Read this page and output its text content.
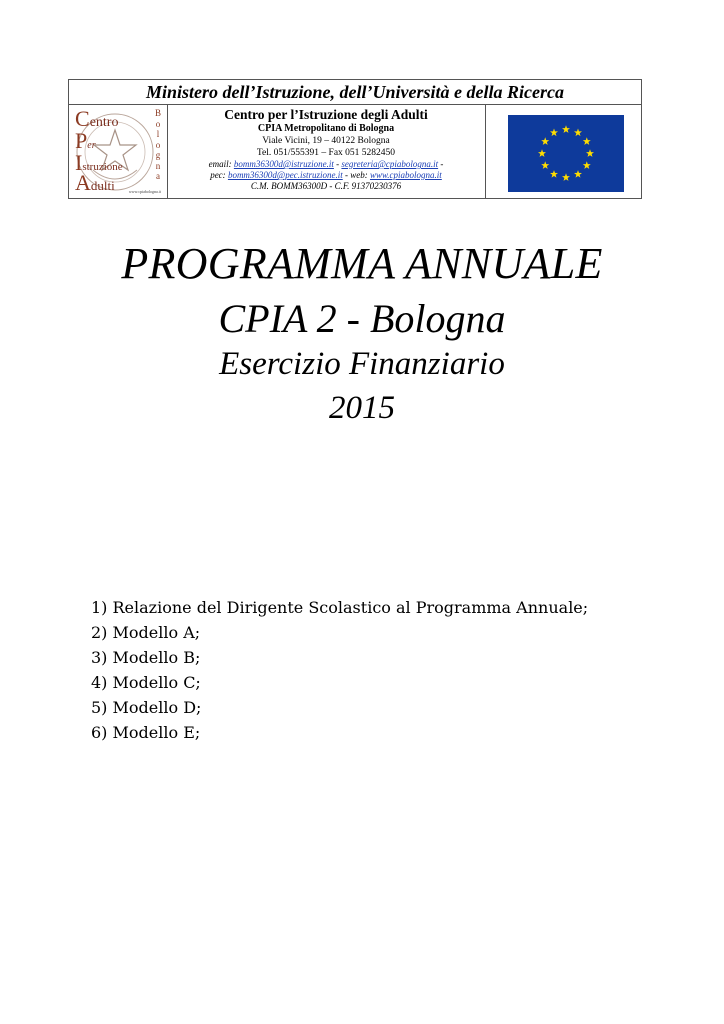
Ministero dell’Istruzione, dell’Università e della Ricerca
Centro
Per
Istruzione
Adulti
B
o
l
o
g
n
a
www.cpiabologna.it
Centro per l’Istruzione degli Adulti
CPIA Metropolitano di Bologna
Viale Vicini, 19 – 40122 Bologna
Tel. 051/555391 – Fax 051 5282450
email: bomm36300d@istruzione.it - segreteria@cpiabologna.it -
pec: bomm36300d@pec.istruzione.it - web: www.cpiabologna.it
C.M. BOMM36300D - C.F. 91370230376
PROGRAMMA ANNUALE
CPIA 2 - Bologna
Esercizio Finanziario
2015
1) Relazione del Dirigente Scolastico al Programma Annuale;
2) Modello A;
3) Modello B;
4) Modello C;
5) Modello D;
6) Modello E;
